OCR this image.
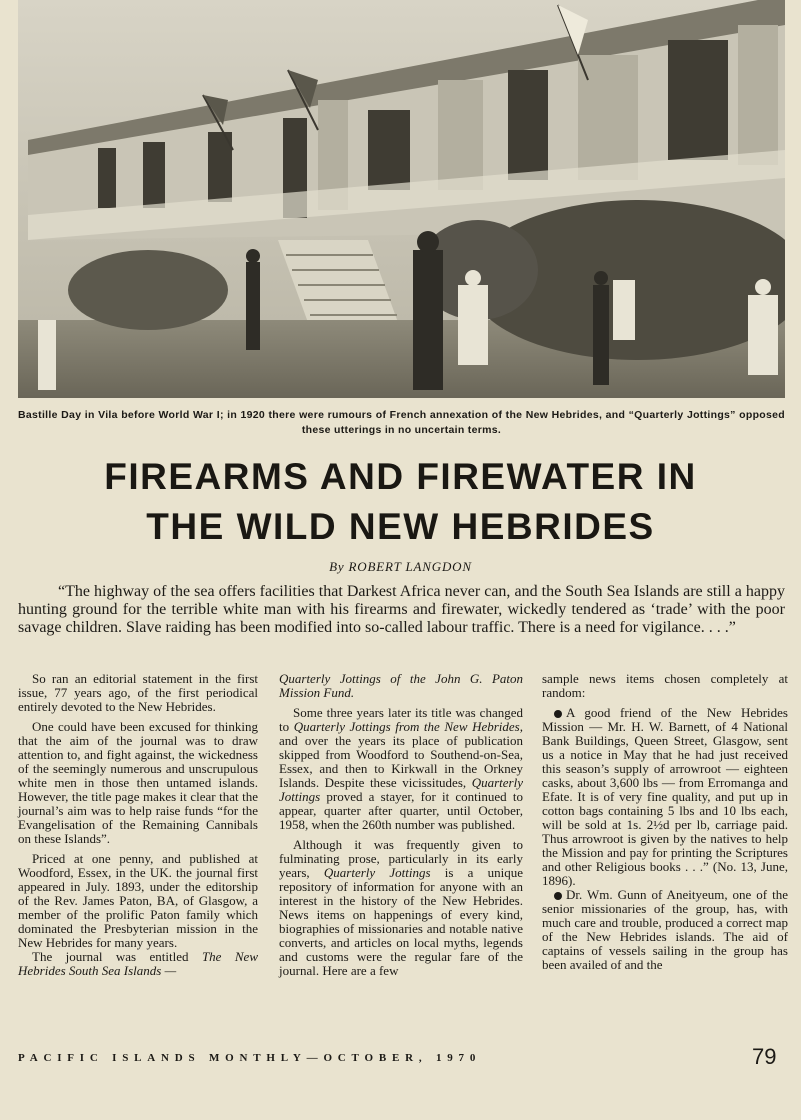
Bastille Day in Vila before World War I; in 1920 there were rumours of French annexation of the New Hebrides, and “Quarterly Jottings” opposed these utterings in no uncertain terms.
FIREARMS AND FIREWATER IN
THE WILD NEW HEBRIDES
By ROBERT LANGDON

“The highway of the sea offers facilities that Darkest Africa never can, and the South Sea Islands are still a happy hunting ground for the terrible white man with his firearms and firewater, wickedly tendered as ‘trade’ with the poor savage children. Slave raiding has been modified into so-called labour traffic. There is a need for vigilance. . . .”

So ran an editorial statement in the first issue, 77 years ago, of the first periodical entirely devoted to the New Hebrides.

One could have been excused for thinking that the aim of the journal was to draw attention to, and fight against, the wickedness of the seemingly numerous and unscrupulous white men in those then untamed islands. However, the title page makes it clear that the journal’s aim was to help raise funds “for the Evangelisation of the Remaining Cannibals on these Islands”.

Priced at one penny, and published at Woodford, Essex, in the UK. the journal first appeared in July. 1893, under the editorship of the Rev. James Paton, BA, of Glasgow, a member of the prolific Paton family which dominated the Presbyterian mission in the New Hebrides for many years.

The journal was entitled The New Hebrides South Sea Islands —

Quarterly Jottings of the John G. Paton Mission Fund.

Some three years later its title was changed to Quarterly Jottings from the New Hebrides, and over the years its place of publication skipped from Woodford to Southend-on-Sea, Essex, and then to Kirkwall in the Orkney Islands. Despite these vicissitudes, Quarterly Jottings proved a stayer, for it continued to appear, quarter after quarter, until October, 1958, when the 260th number was published.

Although it was frequently given to fulminating prose, particularly in its early years, Quarterly Jottings is a unique repository of information for anyone with an interest in the history of the New Hebrides. News items on happenings of every kind, biographies of missionaries and notable native converts, and articles on local myths, legends and customs were the regular fare of the journal. Here are a few

sample news items chosen completely at random:

A good friend of the New Hebrides Mission — Mr. H. W. Barnett, of 4 National Bank Buildings, Queen Street, Glasgow, sent us a notice in May that he had just received this season’s supply of arrowroot — eighteen casks, about 3,600 lbs — from Erromanga and Efate. It is of very fine quality, and put up in cotton bags containing 5 lbs and 10 lbs each, will be sold at 1s. 2½d per lb, carriage paid. Thus arrowroot is given by the natives to help the Mission and pay for printing the Scriptures and other Religious books . . .” (No. 13, June, 1896).

Dr. Wm. Gunn of Aneityeum, one of the senior missionaries of the group, has, with much care and trouble, produced a correct map of the New Hebrides islands. The aid of captains of vessels sailing in the group has been availed of and the

PACIFIC ISLANDS MONTHLY—OCTOBER, 1970	79
